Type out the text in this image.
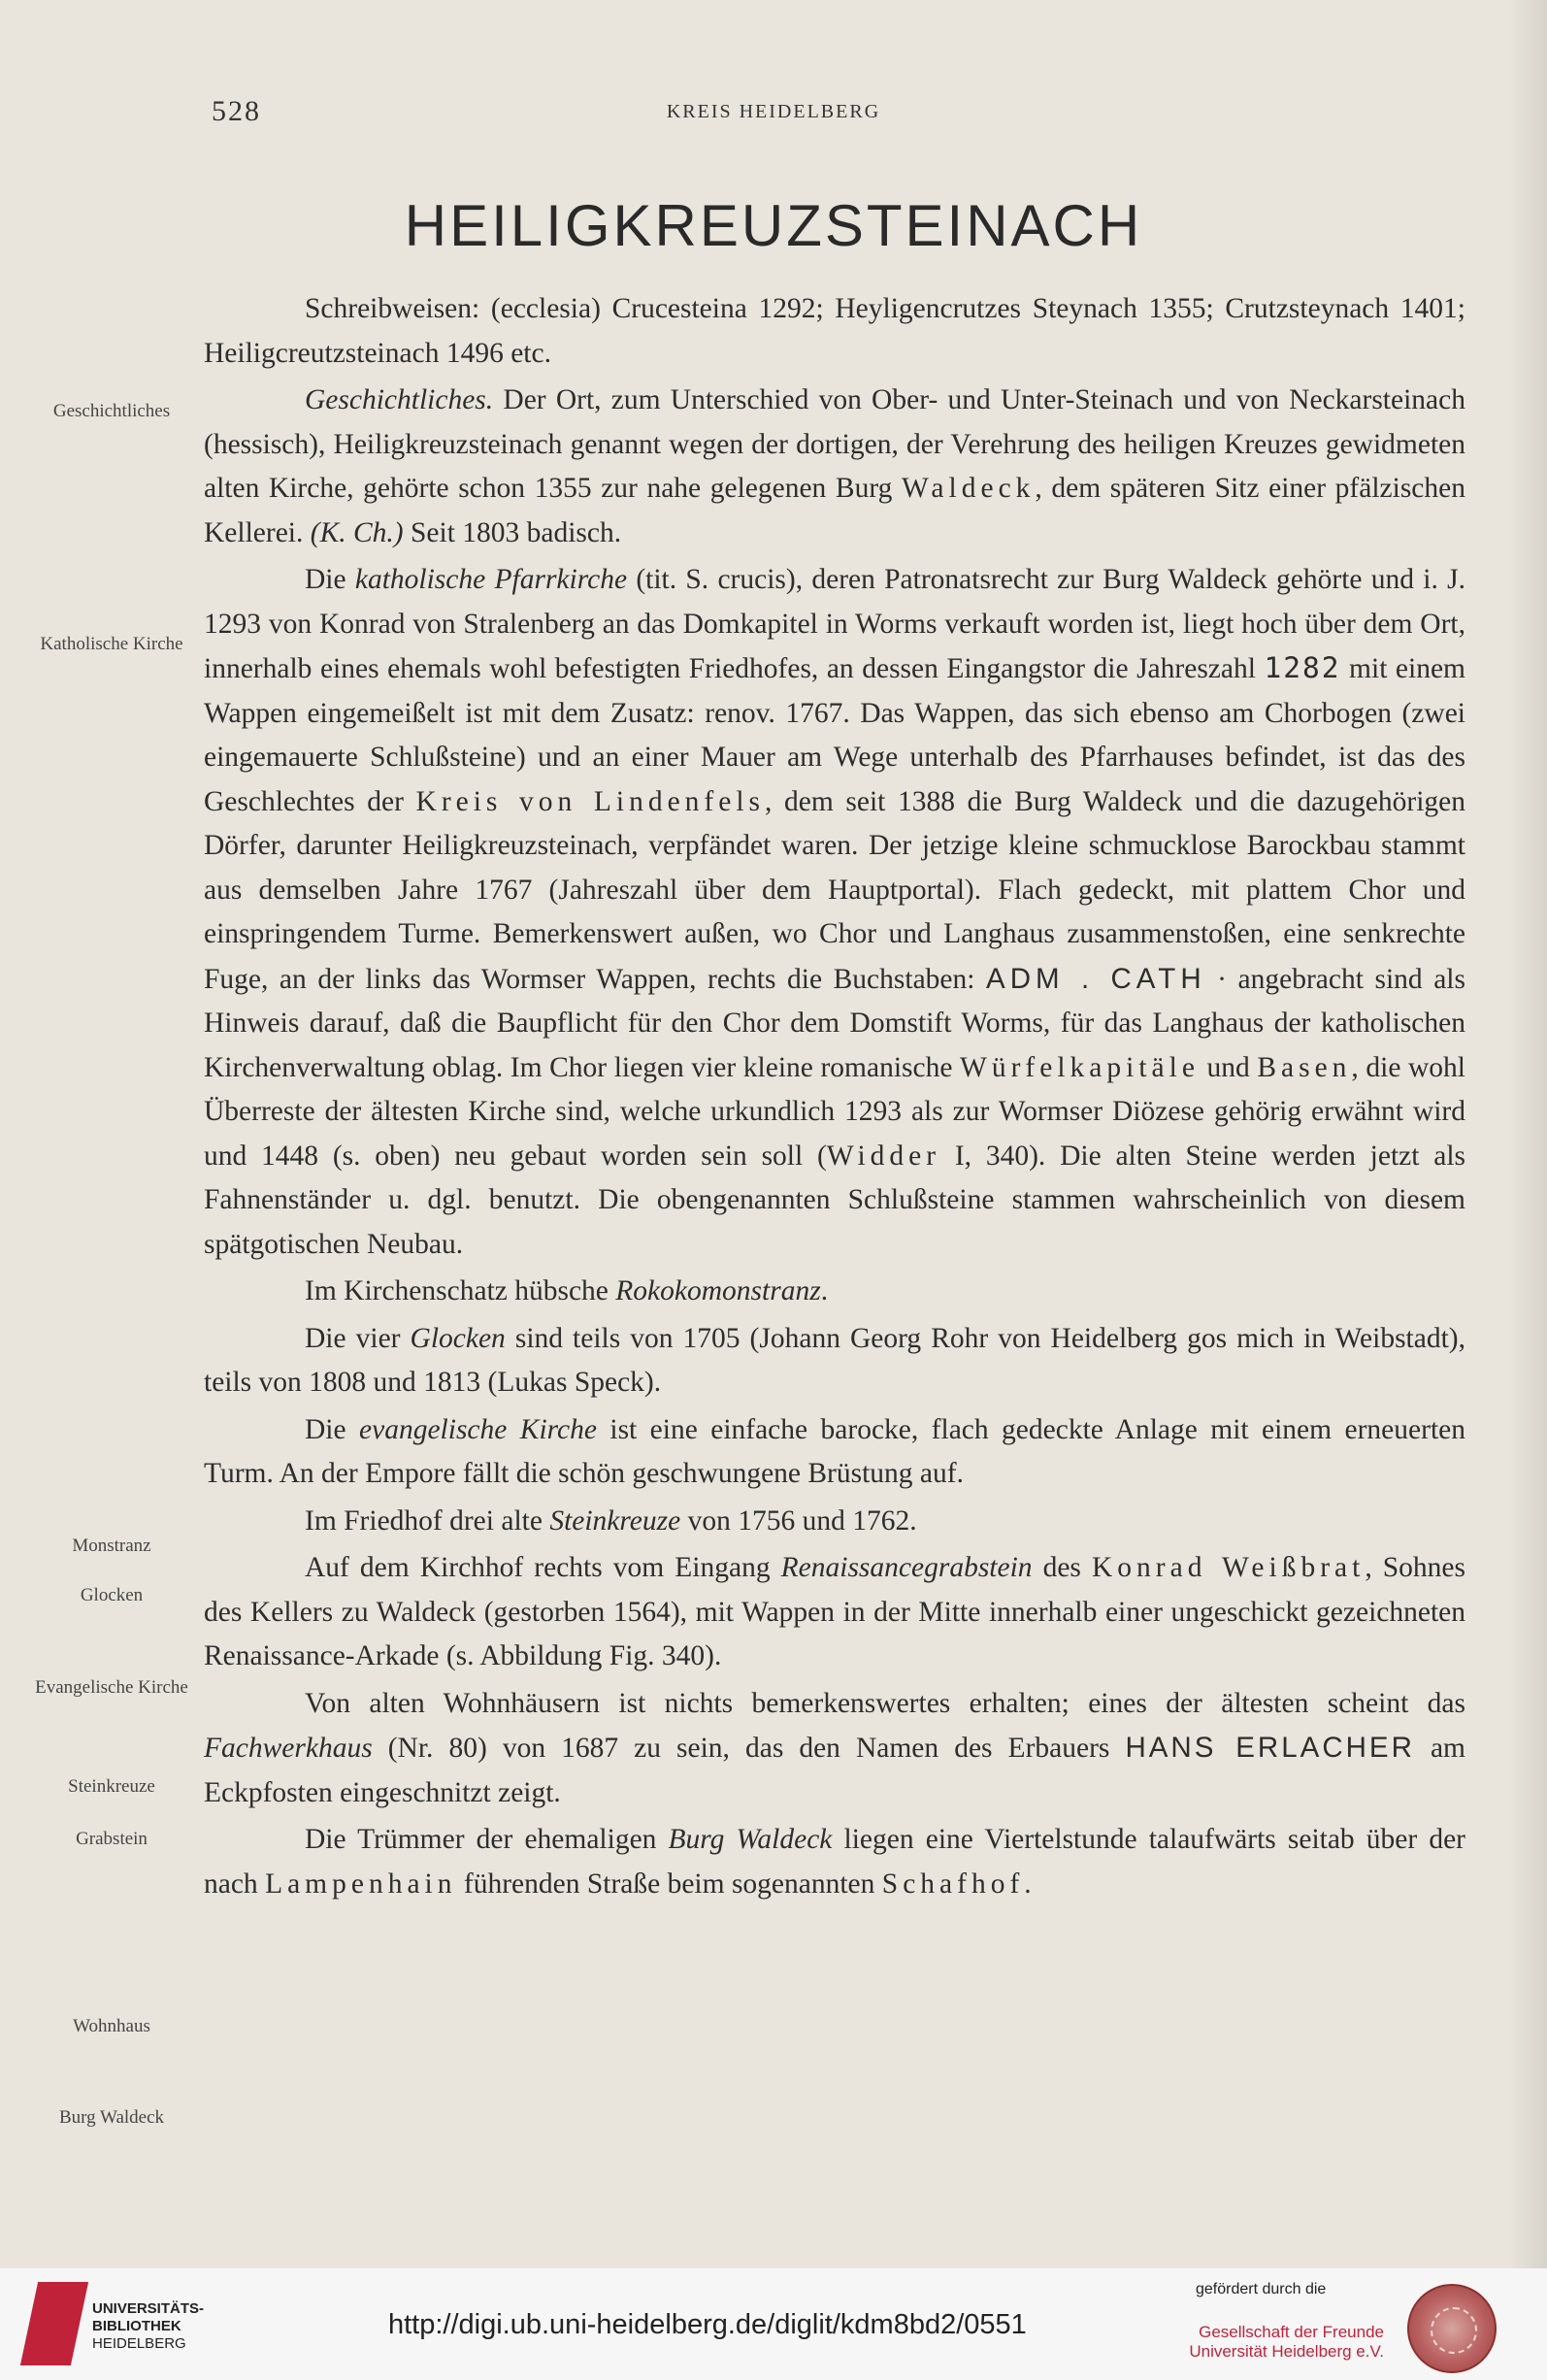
528	KREIS HEIDELBERG
HEILIGKREUZSTEINACH
Geschichtliches
Katholische Kirche
Monstranz
Glocken
Evangelische Kirche
Steinkreuze
Grabstein
Wohnhaus
Burg Waldeck

Schreibweisen: (ecclesia) Crucesteina 1292; Heyligencrutzes Steynach 1355; Crutzsteynach 1401; Heiligcreutzsteinach 1496 etc.

Geschichtliches. Der Ort, zum Unterschied von Ober- und Unter-Steinach und von Neckarsteinach (hessisch), Heiligkreuzsteinach genannt wegen der dortigen, der Verehrung des heiligen Kreuzes gewidmeten alten Kirche, gehörte schon 1355 zur nahe gelegenen Burg Waldeck, dem späteren Sitz einer pfälzischen Kellerei. (K. Ch.) Seit 1803 badisch.

Die katholische Pfarrkirche (tit. S. crucis), deren Patronatsrecht zur Burg Waldeck gehörte und i. J. 1293 von Konrad von Stralenberg an das Domkapitel in Worms verkauft worden ist, liegt hoch über dem Ort, innerhalb eines ehemals wohl befestigten Friedhofes, an dessen Eingangstor die Jahreszahl 1282 mit einem Wappen eingemeißelt ist mit dem Zusatz: renov. 1767. Das Wappen, das sich ebenso am Chorbogen (zwei eingemauerte Schlußsteine) und an einer Mauer am Wege unterhalb des Pfarrhauses befindet, ist das des Geschlechtes der Kreis von Lindenfels, dem seit 1388 die Burg Waldeck und die dazugehörigen Dörfer, darunter Heiligkreuzsteinach, verpfändet waren. Der jetzige kleine schmucklose Barockbau stammt aus demselben Jahre 1767 (Jahreszahl über dem Hauptportal). Flach gedeckt, mit plattem Chor und einspringendem Turme. Bemerkenswert außen, wo Chor und Langhaus zusammenstoßen, eine senkrechte Fuge, an der links das Wormser Wappen, rechts die Buchstaben: ADM . CATH · angebracht sind als Hinweis darauf, daß die Baupflicht für den Chor dem Domstift Worms, für das Langhaus der katholischen Kirchenverwaltung oblag. Im Chor liegen vier kleine romanische Würfelkapitäle und Basen, die wohl Überreste der ältesten Kirche sind, welche urkundlich 1293 als zur Wormser Diözese gehörig erwähnt wird und 1448 (s. oben) neu gebaut worden sein soll (Widder I, 340). Die alten Steine werden jetzt als Fahnenständer u. dgl. benutzt. Die obengenannten Schlußsteine stammen wahrscheinlich von diesem spätgotischen Neubau.

Im Kirchenschatz hübsche Rokokomonstranz.

Die vier Glocken sind teils von 1705 (Johann Georg Rohr von Heidelberg gos mich in Weibstadt), teils von 1808 und 1813 (Lukas Speck).

Die evangelische Kirche ist eine einfache barocke, flach gedeckte Anlage mit einem erneuerten Turm. An der Empore fällt die schön geschwungene Brüstung auf.

Im Friedhof drei alte Steinkreuze von 1756 und 1762.

Auf dem Kirchhof rechts vom Eingang Renaissancegrabstein des Konrad Weißbrat, Sohnes des Kellers zu Waldeck (gestorben 1564), mit Wappen in der Mitte innerhalb einer ungeschickt gezeichneten Renaissance-Arkade (s. Abbildung Fig. 340).

Von alten Wohnhäusern ist nichts bemerkenswertes erhalten; eines der ältesten scheint das Fachwerkhaus (Nr. 80) von 1687 zu sein, das den Namen des Erbauers HANS ERLACHER am Eckpfosten eingeschnitzt zeigt.

Die Trümmer der ehemaligen Burg Waldeck liegen eine Viertelstunde talaufwärts seitab über der nach Lampenhain führenden Straße beim sogenannten Schafhof.

UNIVERSITÄTS-
BIBLIOTHEK
HEIDELBERG
http://digi.ub.uni-heidelberg.de/diglit/kdm8bd2/0551
gefördert durch die
Gesellschaft der Freunde
Universität Heidelberg e.V.
